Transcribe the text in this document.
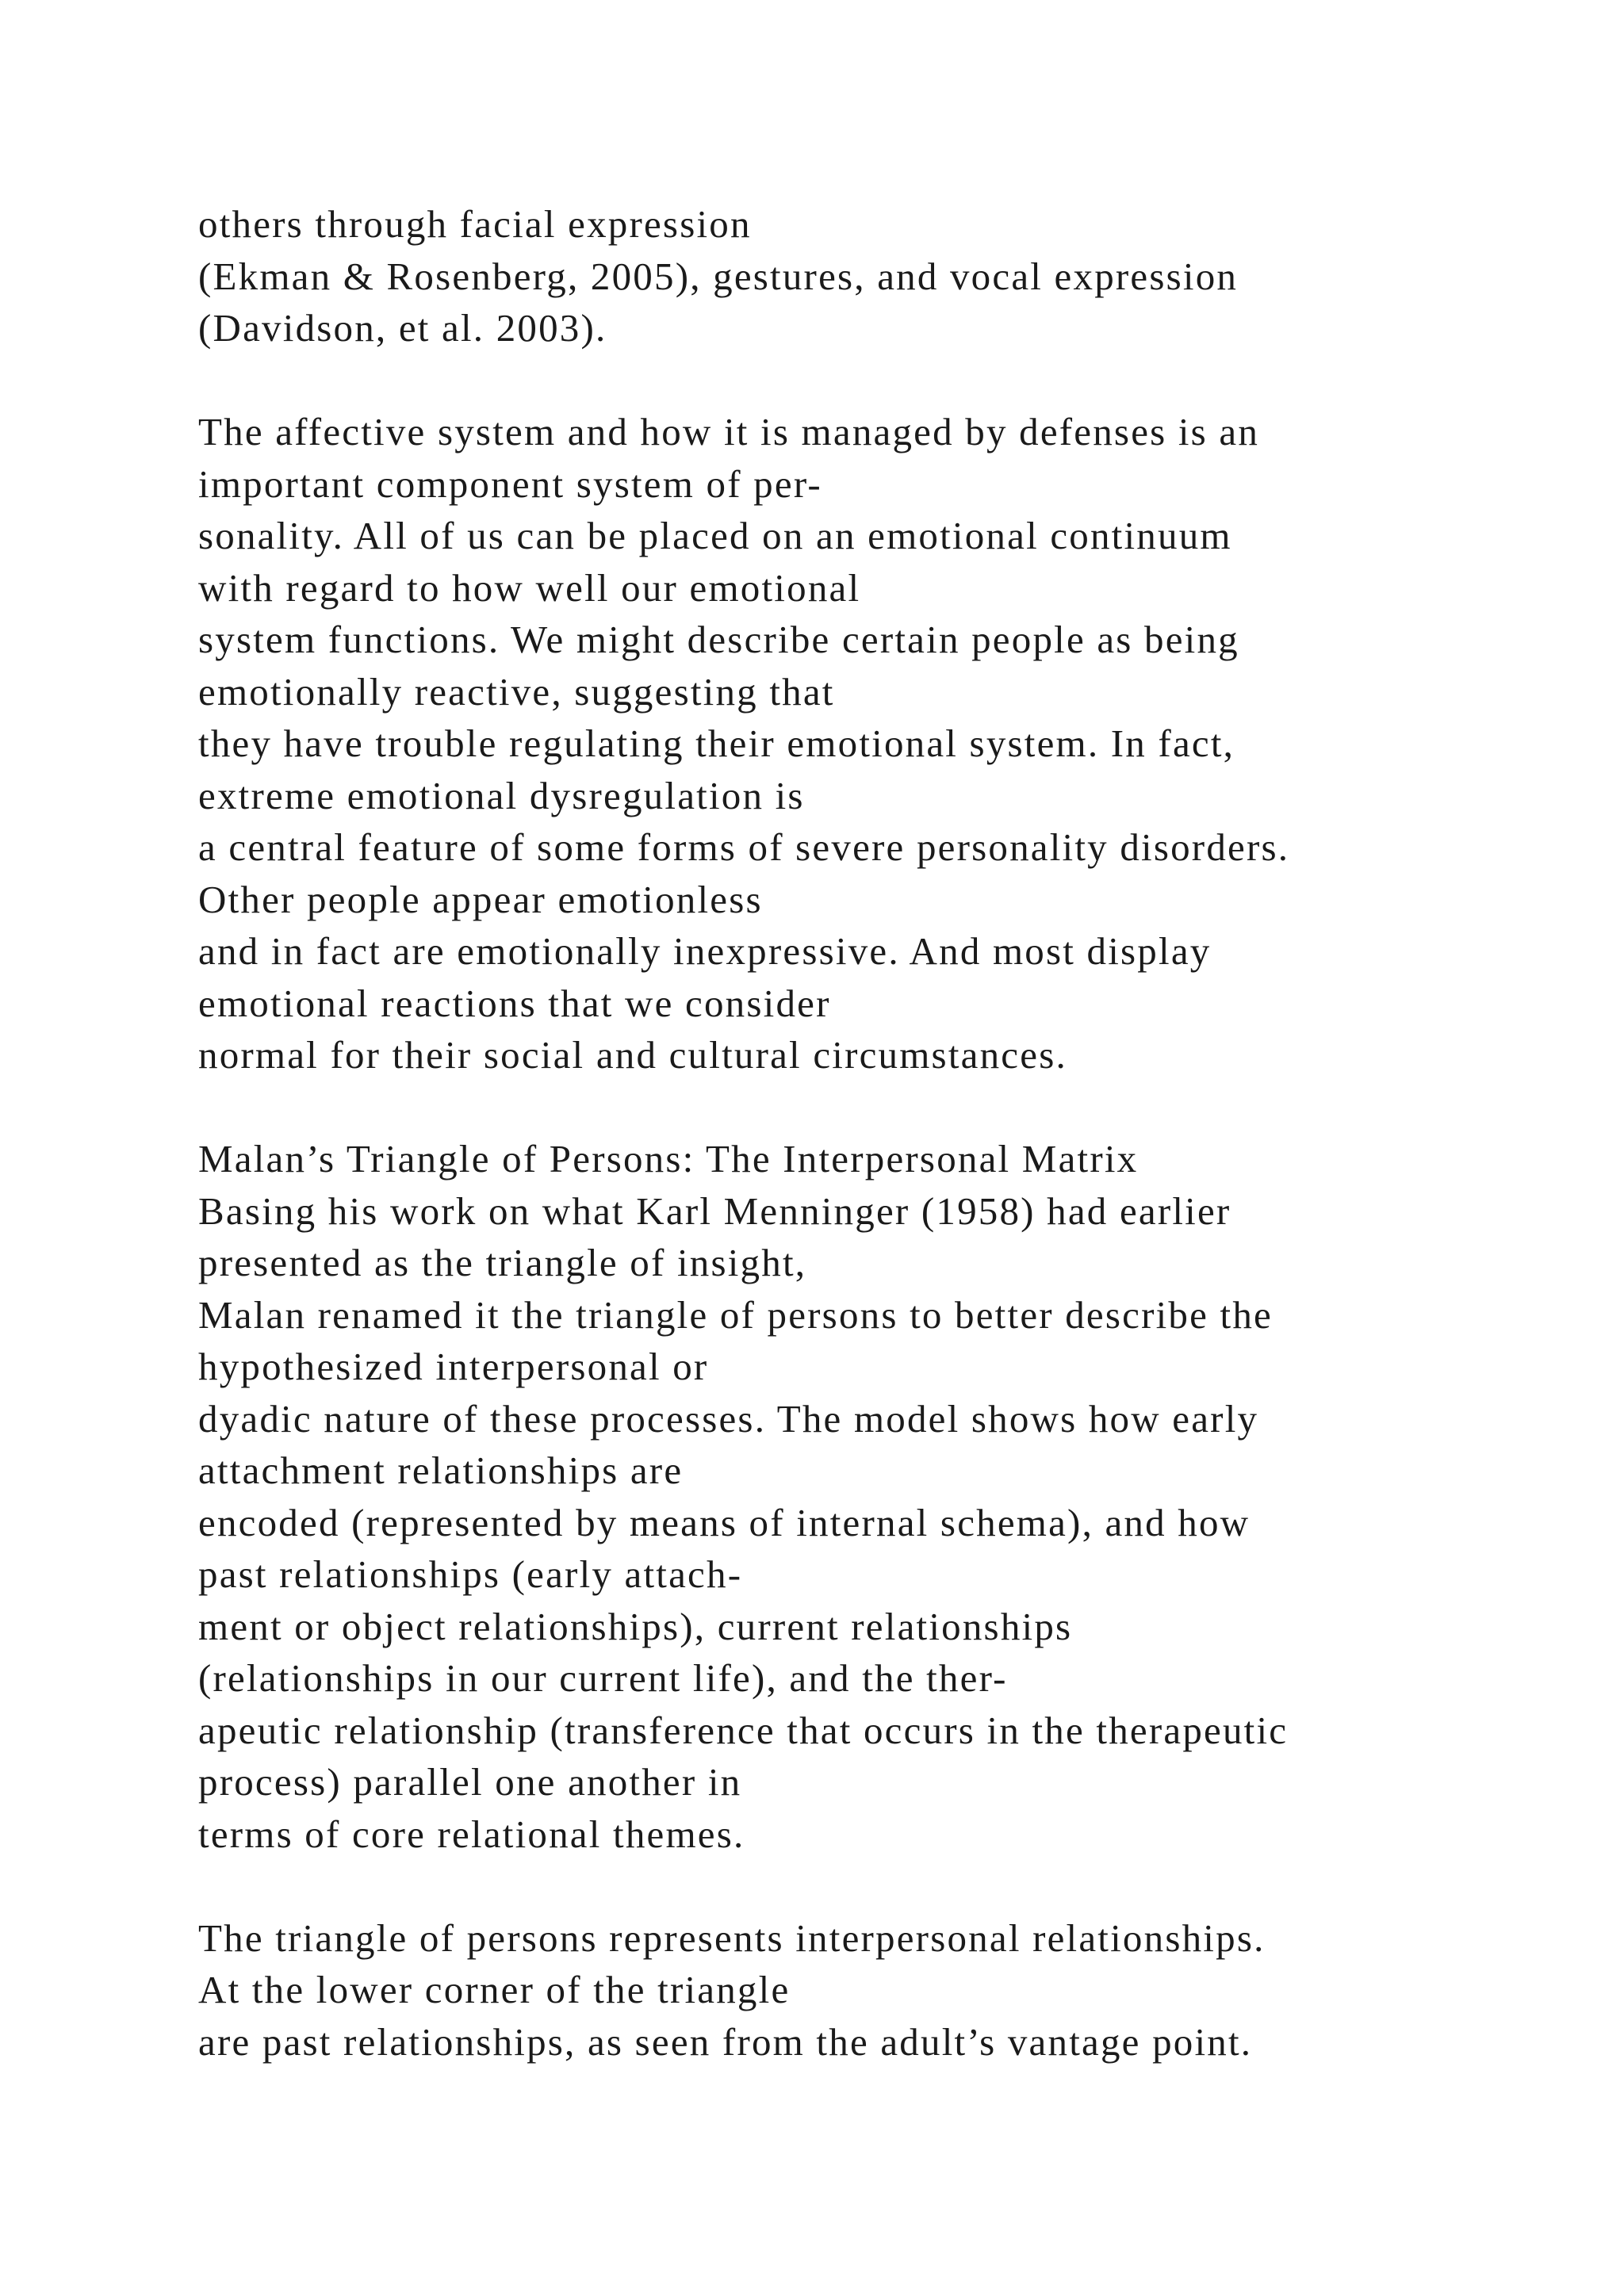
others through facial expression
(Ekman & Rosenberg, 2005), gestures, and vocal expression
(Davidson, et al. 2003).
The affective system and how it is managed by defenses is an
important component system of per-
sonality. All of us can be placed on an emotional continuum
with regard to how well our emotional
system functions. We might describe certain people as being
emotionally reactive, suggesting that
they have trouble regulating their emotional system. In fact,
extreme emotional dysregulation is
a central feature of some forms of severe personality disorders.
Other people appear emotionless
and in fact are emotionally inexpressive. And most display
emotional reactions that we consider
normal for their social and cultural circumstances.
Malan’s Triangle of Persons: The Interpersonal Matrix
Basing his work on what Karl Menninger (1958) had earlier
presented as the triangle of insight,
Malan renamed it the triangle of persons to better describe the
hypothesized interpersonal or
dyadic nature of these processes. The model shows how early
attachment relationships are
encoded (represented by means of internal schema), and how
past relationships (early attach-
ment or object relationships), current relationships
(relationships in our current life), and the ther-
apeutic relationship (transference that occurs in the therapeutic
process) parallel one another in
terms of core relational themes.
The triangle of persons represents interpersonal relationships.
At the lower corner of the triangle
are past relationships, as seen from the adult’s vantage point.
